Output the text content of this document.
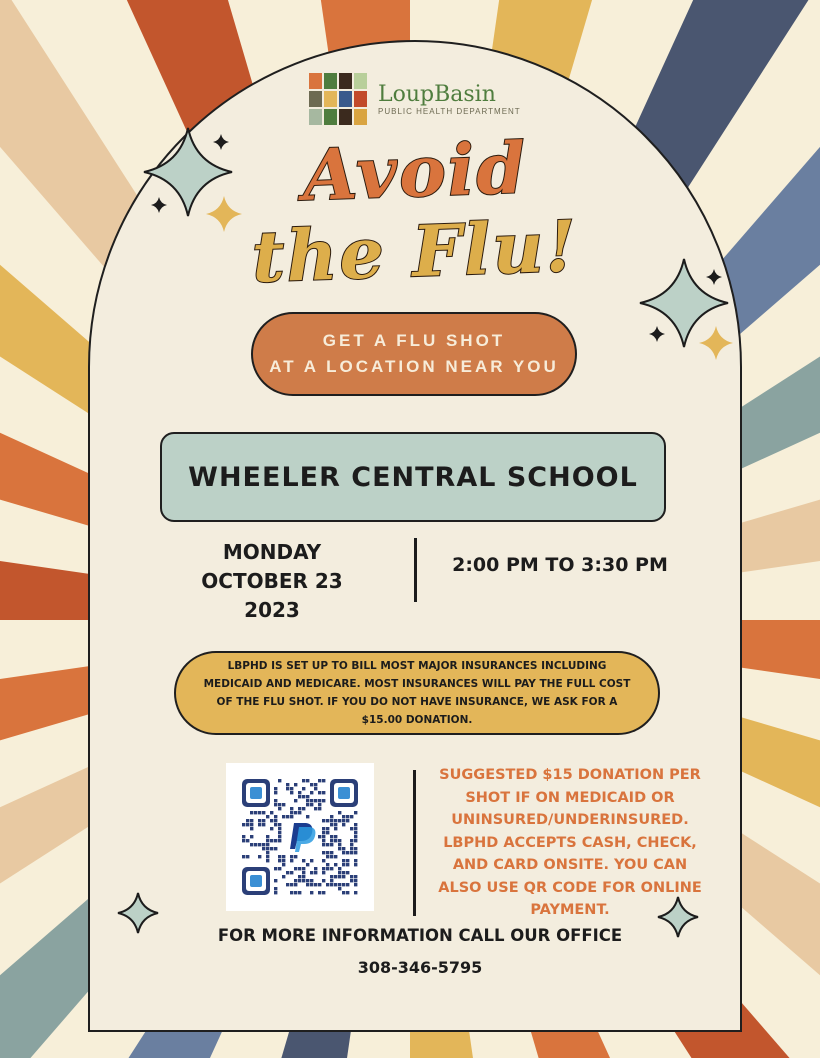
LoupBasin
PUBLIC HEALTH DEPARTMENT
Avoid
the Flu!
GET A FLU SHOT
AT A LOCATION NEAR YOU
WHEELER CENTRAL SCHOOL
MONDAY
OCTOBER 23
2023
2:00 PM TO 3:30 PM
LBPHD IS SET UP TO BILL MOST MAJOR INSURANCES INCLUDING MEDICAID AND MEDICARE. MOST INSURANCES WILL PAY THE FULL COST OF THE FLU SHOT. IF YOU DO NOT HAVE INSURANCE, WE ASK FOR A $15.00 DONATION.
SUGGESTED $15 DONATION PER SHOT IF ON MEDICAID OR UNINSURED/UNDERINSURED. LBPHD ACCEPTS CASH, CHECK, AND CARD ONSITE. YOU CAN ALSO USE QR CODE FOR ONLINE PAYMENT.
FOR MORE INFORMATION CALL OUR OFFICE
308-346-5795
